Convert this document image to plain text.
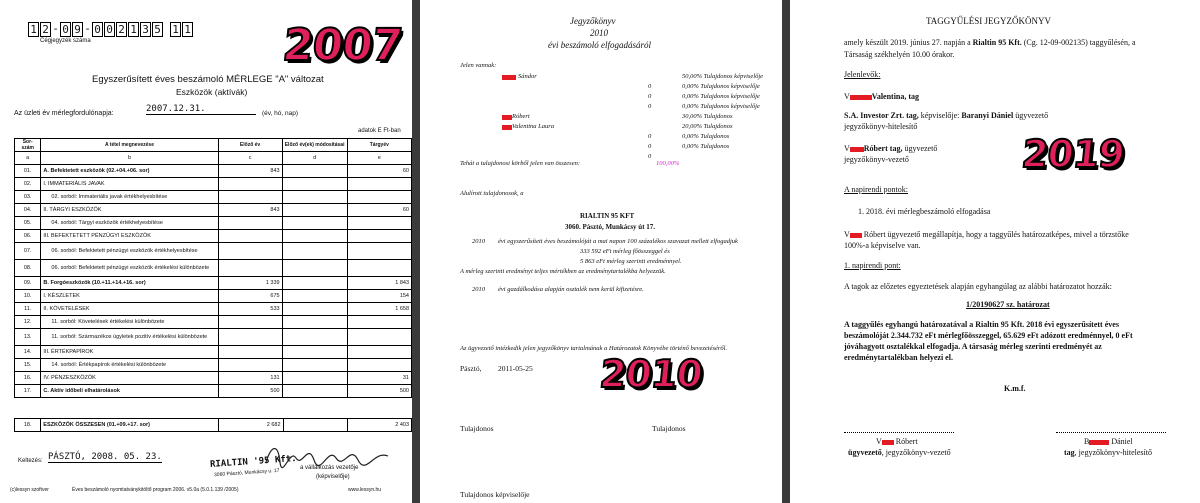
1 2 - 0 9 - 0 0 2 1 3 5
Cégjegyzék száma
1 1 2007
Egyszerűsített éves beszámoló MÉRLEGE "A" változat
Eszközök (aktívák)
Az üzleti év mérlegfordulónapja:	2007.12.31.	(év, hó, nap)
adatok E Ft-ban
Sor-szám	A tétel megnevezése	Előző év	Előző év(ek) módosításai	Tárgyév
a	b	c	d	e
01.	A. Befektetett eszközök (02.+04.+06. sor)	843		60
02.	I. IMMATERIÁLIS JAVAK			
03.	02. sorból: Immateriális javak értékhelyesbítése			
04.	II. TÁRGYI ESZKÖZÖK	843		60
05.	04. sorból: Tárgyi eszközök értékhelyesbítése			
06.	III. BEFEKTETETT PÉNZÜGYI ESZKÖZÖK			
07.	06. sorból: Befektetett pénzügyi eszközök értékhelyesbítése			
08.	06. sorból: Befektetett pénzügyi eszközök értékelési különbözete			
09.	B. Forgóeszközök (10.+11.+14.+16. sor)	1 339		1 843
10.	I. KÉSZLETEK	675		154
11.	II. KÖVETELÉSEK	533		1 658
12.	11. sorból: Követelések értékelési különbözete			
13.	11. sorból: Származékos ügyletek pozitív értékelési különbözete			
14.	III. ÉRTÉKPAPÍROK			
15.	14. sorból: Értékpapírok értékelési különbözete			
16.	IV. PÉNZESZKÖZÖK	131		31
17.	C. Aktív időbeli elhatárolások	500		500
18.	ESZKÖZÖK ÖSSZESEN (01.+09.+17. sor)	2 682		2 403
Keltezés: PÁSZTÓ, 2008. 05. 23.	RIALTIN '95 Kft.
3060 Pásztó, Munkácsy u. 17	a vállalkozás vezetője
(képviselője)
(c)lessyn szoftver	Éves beszámoló nyomtatványkitöltő program 2006. v5.0a (5.0.1.139 /2005)	www.lessyn.hu
Jegyzőkönyv
2010
évi beszámoló elfogadásáról
Jelen vannak:
Sándor	50,00% Tulajdonos képviselője
0	0,00% Tulajdonos képviselője
0	0,00% Tulajdonos képviselője
0	0,00% Tulajdonos képviselője
Róbert	30,00% Tulajdonos
Valentina Laura	20,00% Tulajdonos
0	0,00% Tulajdonos
0	0,00% Tulajdonos
0
Tehát a tulajdonosi körből jelen van összesen:	100,00%
Alulírott tulajdonosok, a
RIALTIN 95 KFT
3060. Pásztó, Munkácsy út 17.
2010 évi egyszerűsített éves beszámolóját a mai napon 100 százalékos szavazat mellett elfogadjuk
333 592 eFt mérleg főösszeggel és
5 863 eFt mérleg szerinti eredménnyel.
A mérleg szerinti eredményt teljes mértékben az eredménytartalékba helyezzük.
2010 évi gazdálkodása alapján osztalék nem kerül kifizetésre.
Az ügyvezető intézkedik jelen jegyzőkönyv tartalmának a Határozatok Könyvébe történő bevezetéséről.
Pásztó, 2011-05-25 2010
Tulajdonos	Tulajdonos
Tulajdonos képviselője
TAGGYŰLÉSI JEGYZŐKÖNYV
amely készült 2019. június 27. napján a Rialtin 95 Kft. (Cg. 12-09-002135) taggyűlésén, a
Társaság székhelyén 10.00 órakor.
Jelenlevők:
V	Valentina, tag
S.A. Investor Zrt. tag, képviselője: Baranyi Dániel ügyvezető
jegyzőkönyv-hitelesítő
V Róbert tag, ügyvezető
jegyzőkönyv-vezető	2019
A napirendi pontok:
1. 2018. évi mérlegbeszámoló elfogadása
V Róbert ügyvezető megállapítja, hogy a taggyűlés határozatképes, mivel a törzstőke
100%-a képviselve van.
1. napirendi pont:
A tagok az előzetes egyeztetések alapján egyhangúlag az alábbi határozatot hozzák:
1/20190627 sz. határozat
A taggyűlés egyhangú határozatával a Rialtin 95 Kft. 2018 évi egyszerűsített éves
beszámolóját 2.344.732 eFt mérlegfőösszeggel, 65.629 eFt adózott eredménnyel, 0 eFt
jóváhagyott osztalékkal elfogadja. A társaság mérleg szerinti eredményét az
eredménytartalékban helyezi el.
K.m.f.
V Róbert
ügyvezető, jegyzőkönyv-vezető
B	Dániel
tag, jegyzőkönyv-hitelesítő
